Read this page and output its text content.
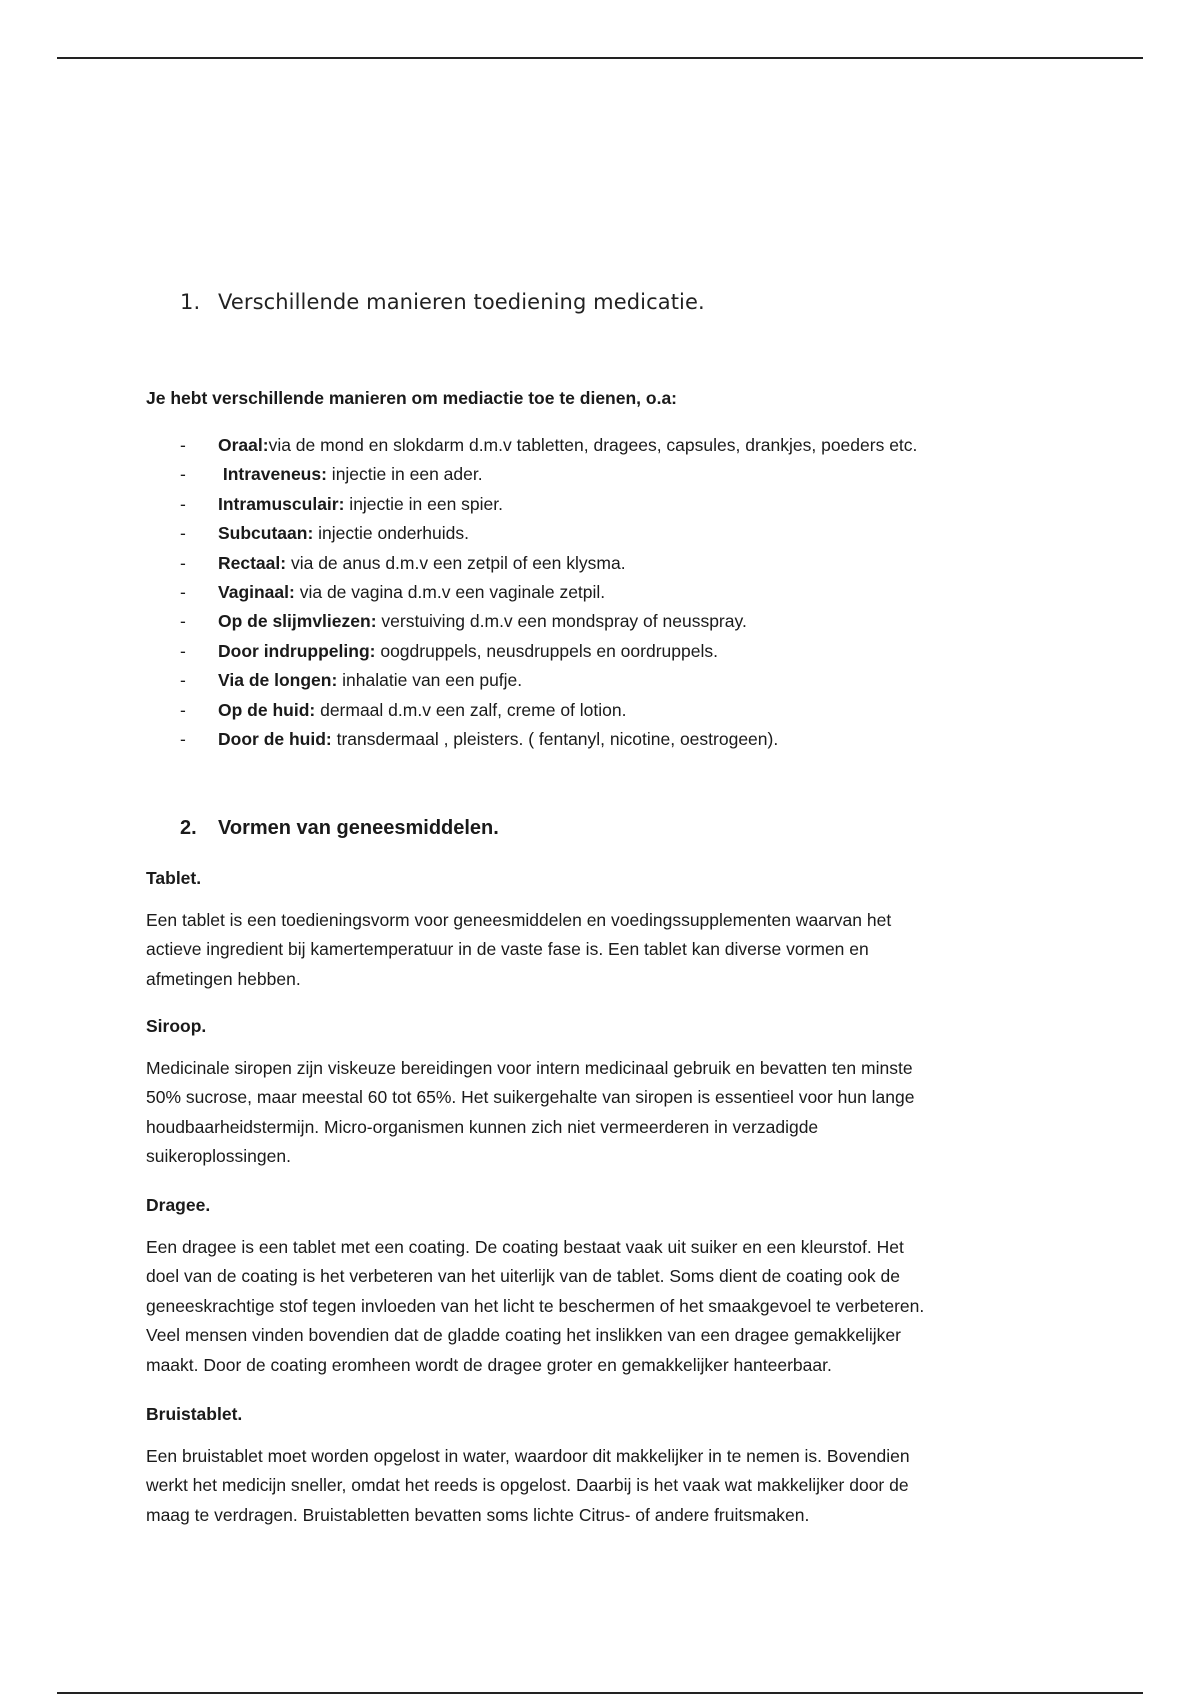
1. Verschillende manieren toediening medicatie.
Je hebt verschillende manieren om mediactie toe te dienen, o.a:
- Oraal:via de mond en slokdarm d.m.v tabletten, dragees, capsules, drankjes, poeders etc.
- Intraveneus: injectie in een ader.
- Intramusculair: injectie in een spier.
- Subcutaan: injectie onderhuids.
- Rectaal: via de anus d.m.v een zetpil of een klysma.
- Vaginaal: via de vagina d.m.v een vaginale zetpil.
- Op de slijmvliezen: verstuiving d.m.v een mondspray of neusspray.
- Door indruppeling: oogdruppels, neusdruppels en oordruppels.
- Via de longen: inhalatie van een pufje.
- Op de huid: dermaal d.m.v een zalf, creme of lotion.
- Door de huid: transdermaal , pleisters. ( fentanyl, nicotine, oestrogeen).
2. Vormen van geneesmiddelen.

Tablet.

Een tablet is een toedieningsvorm voor geneesmiddelen en voedingssupplementen waarvan het
actieve ingredient bij kamertemperatuur in de vaste fase is. Een tablet kan diverse vormen en
afmetingen hebben.

Siroop.

Medicinale siropen zijn viskeuze bereidingen voor intern medicinaal gebruik en bevatten ten minste
50% sucrose, maar meestal 60 tot 65%. Het suikergehalte van siropen is essentieel voor hun lange
houdbaarheidstermijn. Micro-organismen kunnen zich niet vermeerderen in verzadigde
suikeroplossingen.

Dragee.

Een dragee is een tablet met een coating. De coating bestaat vaak uit suiker en een kleurstof. Het
doel van de coating is het verbeteren van het uiterlijk van de tablet. Soms dient de coating ook de
geneeskrachtige stof tegen invloeden van het licht te beschermen of het smaakgevoel te verbeteren.
Veel mensen vinden bovendien dat de gladde coating het inslikken van een dragee gemakkelijker
maakt. Door de coating eromheen wordt de dragee groter en gemakkelijker hanteerbaar.

Bruistablet.

Een bruistablet moet worden opgelost in water, waardoor dit makkelijker in te nemen is. Bovendien
werkt het medicijn sneller, omdat het reeds is opgelost. Daarbij is het vaak wat makkelijker door de
maag te verdragen. Bruistabletten bevatten soms lichte Citrus- of andere fruitsmaken.
